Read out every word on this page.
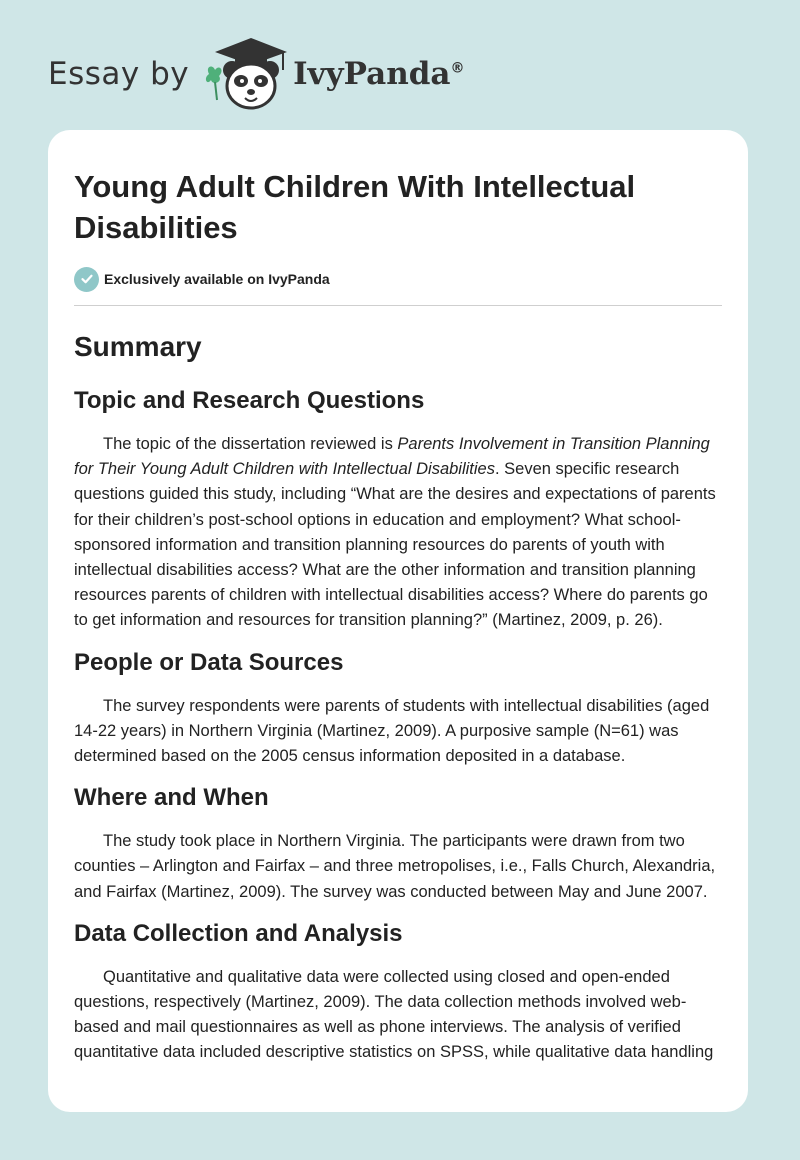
Essay by	IvyPanda®
Young Adult Children With Intellectual Disabilities
Exclusively available on IvyPanda
Summary
Topic and Research Questions

The topic of the dissertation reviewed is Parents Involvement in Transition Planning for Their Young Adult Children with Intellectual Disabilities. Seven specific research questions guided this study, including “What are the desires and expectations of parents for their children’s post-school options in education and employment? What school-sponsored information and transition planning resources do parents of youth with intellectual disabilities access? What are the other information and transition planning resources parents of children with intellectual disabilities access? Where do parents go to get information and resources for transition planning?” (Martinez, 2009, p. 26).

People or Data Sources

The survey respondents were parents of students with intellectual disabilities (aged 14-22 years) in Northern Virginia (Martinez, 2009). A purposive sample (N=61) was determined based on the 2005 census information deposited in a database.

Where and When

The study took place in Northern Virginia. The participants were drawn from two counties – Arlington and Fairfax – and three metropolises, i.e., Falls Church, Alexandria, and Fairfax (Martinez, 2009). The survey was conducted between May and June 2007.

Data Collection and Analysis

Quantitative and qualitative data were collected using closed and open-ended questions, respectively (Martinez, 2009). The data collection methods involved web-based and mail questionnaires as well as phone interviews. The analysis of verified quantitative data included descriptive statistics on SPSS, while qualitative data handling
